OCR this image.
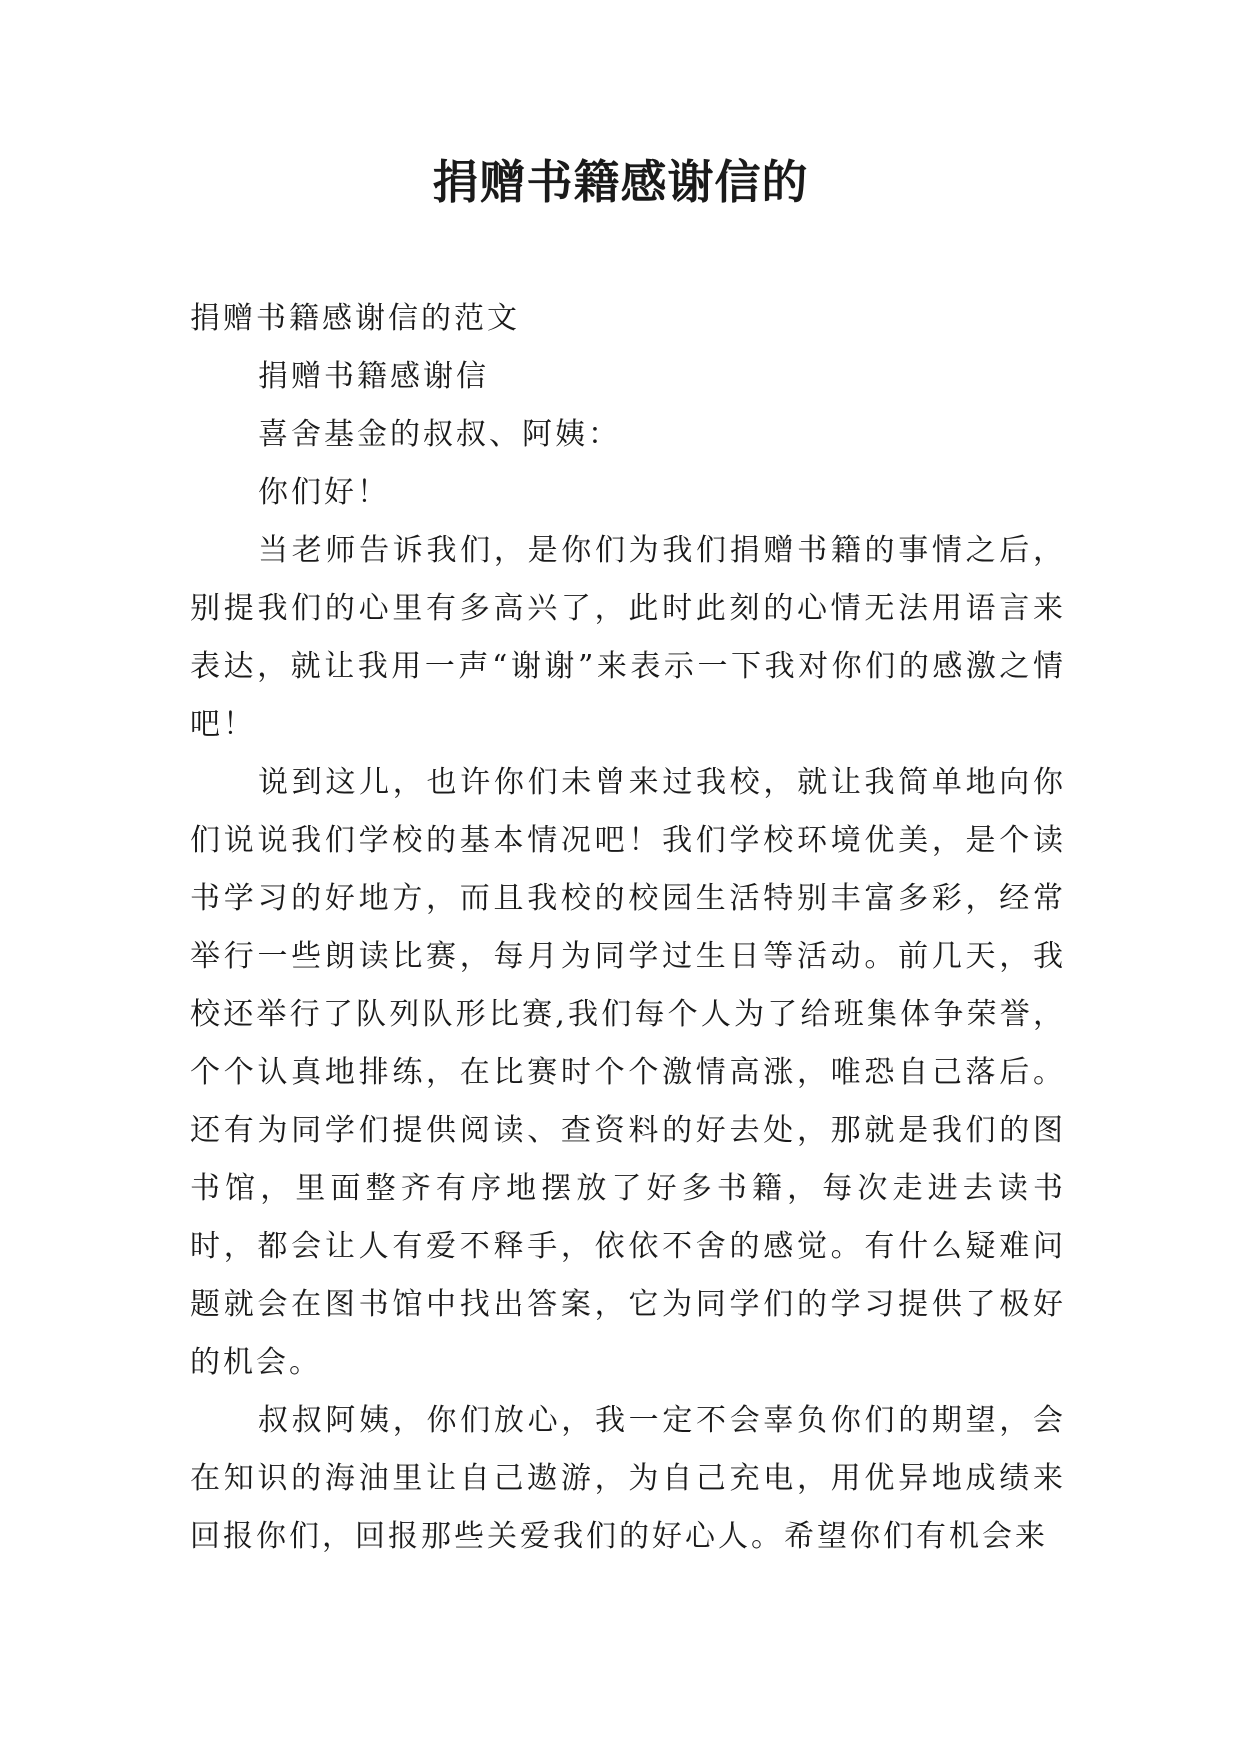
捐赠书籍感谢信的

捐赠书籍感谢信的范文

捐赠书籍感谢信

喜舍基金的叔叔、阿姨：

你们好！

当老师告诉我们，是你们为我们捐赠书籍的事情之后，别提我们的心里有多高兴了，此时此刻的心情无法用语言来表达，就让我用一声“谢谢”来表示一下我对你们的感激之情吧！

说到这儿，也许你们未曾来过我校，就让我简单地向你们说说我们学校的基本情况吧！我们学校环境优美，是个读书学习的好地方，而且我校的校园生活特别丰富多彩，经常举行一些朗读比赛，每月为同学过生日等活动。前几天，我校还举行了队列队形比赛,我们每个人为了给班集体争荣誉，个个认真地排练，在比赛时个个激情高涨，唯恐自己落后。还有为同学们提供阅读、查资料的好去处，那就是我们的图书馆，里面整齐有序地摆放了好多书籍，每次走进去读书时，都会让人有爱不释手，依依不舍的感觉。有什么疑难问题就会在图书馆中找出答案，它为同学们的学习提供了极好的机会。

叔叔阿姨，你们放心，我一定不会辜负你们的期望，会在知识的海油里让自己遨游，为自己充电，用优异地成绩来回报你们，回报那些关爱我们的好心人。希望你们有机会来
